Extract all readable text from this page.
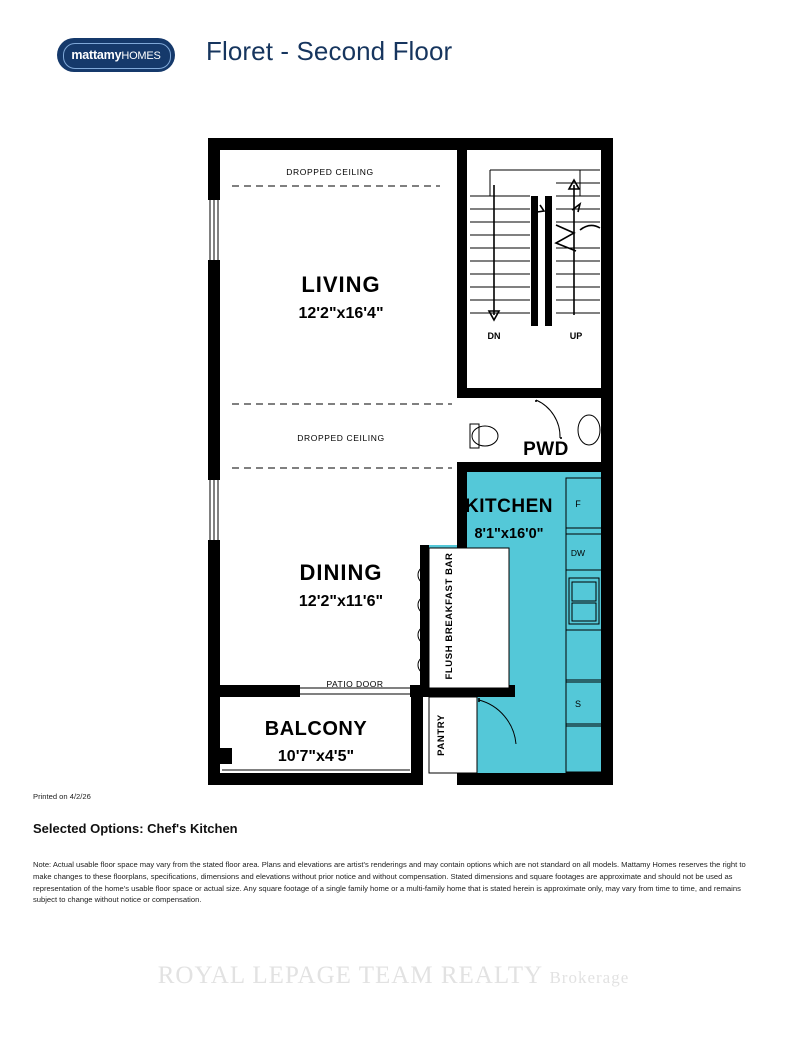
mattamyHOMES Floret - Second Floor
DROPPED CEILING
DROPPED CEILING
LIVING
12'2"x16'4"
DINING
12'2"x11'6"
KITCHEN
8'1"x16'0"
PWD
BALCONY
10'7"x4'5"
PATIO DOOR
FLUSH BREAKFAST BAR
PANTRY
DN	UP
F
DW
S
Selected Options: Chef's Kitchen
Note: Actual usable floor space may vary from the stated floor area. Plans and elevations are artist's renderings and may contain options which are not standard on all models. Mattamy Homes reserves the right to make changes to these floorplans, specifications, dimensions and elevations without prior notice and without compensation. Stated dimensions and square footages are approximate and should not be used as representation of the home's usable floor space or actual size. Any square footage of a single family home or a multi-family home that is stated herein is approximate only, may vary from time to time, and remains subject to change without notice or compensation.
Printed on 4/2/26
ROYAL LEPAGE TEAM REALTY Brokerage
